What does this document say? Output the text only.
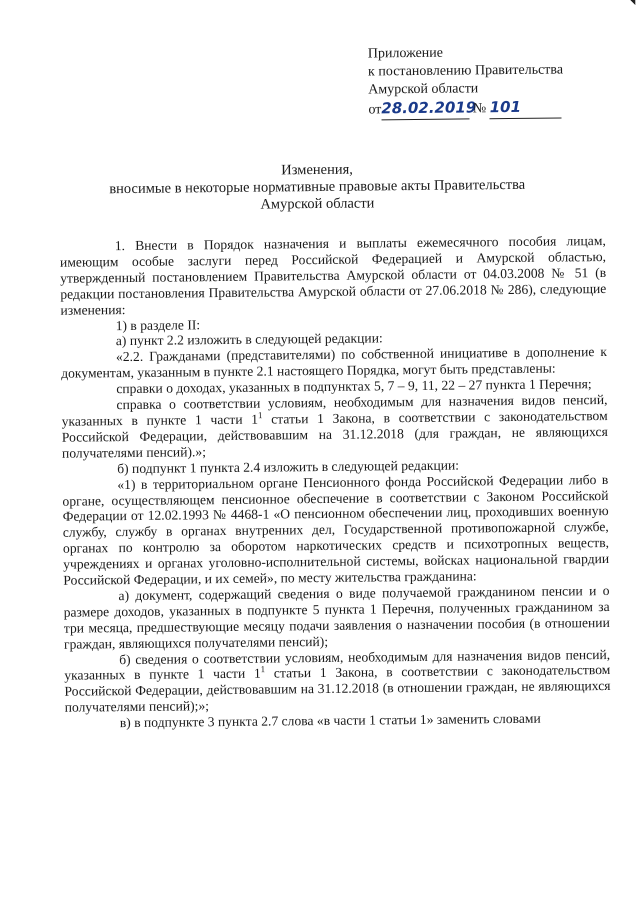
Приложение
к постановлению Правительства
Амурской области
от28.02.2019 № 101
Изменения,
вносимые в некоторые нормативные правовые акты Правительства
Амурской области
1. Внести в Порядок назначения и выплаты ежемесячного пособия лицам, имеющим особые заслуги перед Российской Федерацией и Амурской областью, утвержденный постановлением Правительства Амурской области от 04.03.2008 № 51 (в редакции постановления Правительства Амурской области от 27.06.2018 № 286), следующие изменения:
1) в разделе II:
а) пункт 2.2 изложить в следующей редакции:
«2.2. Гражданами (представителями) по собственной инициативе в дополнение к документам, указанным в пункте 2.1 настоящего Порядка, могут быть представлены:
справки о доходах, указанных в подпунктах 5, 7 – 9, 11, 22 – 27 пункта 1 Перечня;
справка о соответствии условиям, необходимым для назначения видов пенсий, указанных в пункте 1 части $1^1$ статьи 1 Закона, в соответствии с законодательством Российской Федерации, действовавшим на 31.12.2018 (для граждан, не являющихся получателями пенсий).»;
б) подпункт 1 пункта 2.4 изложить в следующей редакции:
«1) в территориальном органе Пенсионного фонда Российской Федерации либо в органе, осуществляющем пенсионное обеспечение в соответствии с Законом Российской Федерации от 12.02.1993 № 4468-1 «О пенсионном обеспечении лиц, проходивших военную службу, службу в органах внутренних дел, Государственной противопожарной службе, органах по контролю за оборотом наркотических средств и психотропных веществ, учреждениях и органах уголовно-исполнительной системы, войсках национальной гвардии Российской Федерации, и их семей», по месту жительства гражданина:
а) документ, содержащий сведения о виде получаемой гражданином пенсии и о размере доходов, указанных в подпункте 5 пункта 1 Перечня, полученных гражданином за три месяца, предшествующие месяцу подачи заявления о назначении пособия (в отношении граждан, являющихся получателями пенсий);
б) сведения о соответствии условиям, необходимым для назначения видов пенсий, указанных в пункте 1 части $1^1$ статьи 1 Закона, в соответствии с законодательством Российской Федерации, действовавшим на 31.12.2018 (в отношении граждан, не являющихся получателями пенсий);»;
в) в подпункте 3 пункта 2.7 слова «в части 1 статьи 1» заменить словами
